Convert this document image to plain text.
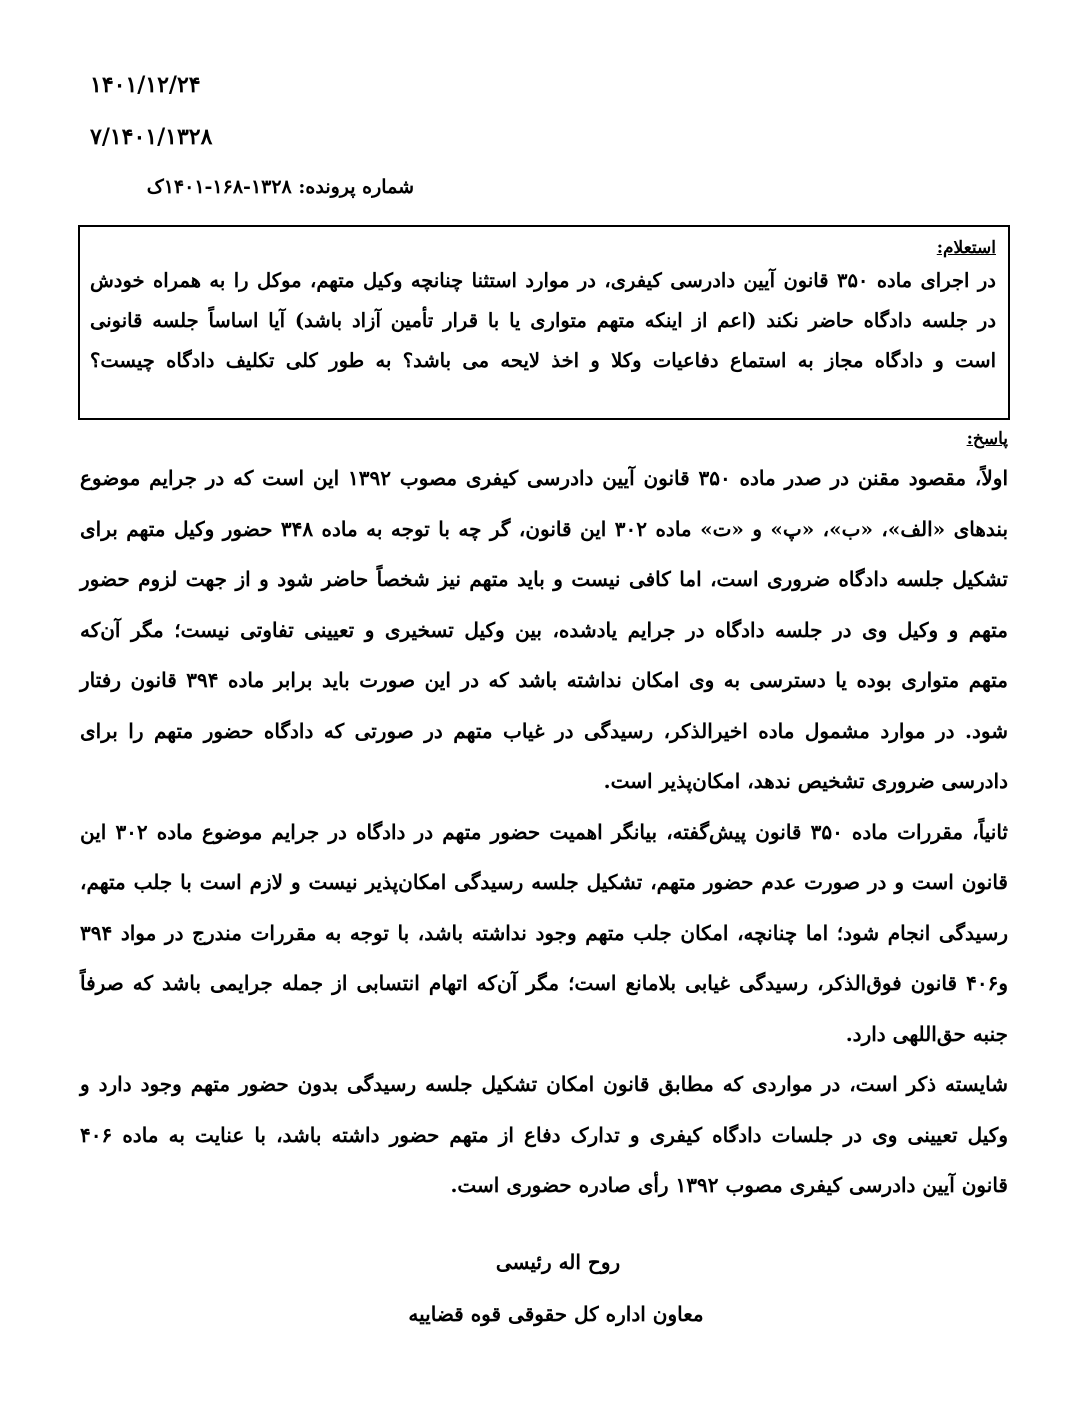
۱۴۰۱/۱۲/۲۴
۷/۱۴۰۱/۱۳۲۸
شماره پرونده: ۱۳۲۸-۱۶۸-۱۴۰۱ک
استعلام:
در اجرای ماده ۳۵۰ قانون آیین دادرسی کیفری، در موارد استثنا چنانچه وکیل متهم، موکل را به همراه خودش
در جلسه دادگاه حاضر نکند (اعم از اینکه متهم متواری یا با قرار تأمین آزاد باشد) آیا اساساً جلسه قانونی
است و دادگاه مجاز به استماع دفاعیات وکلا و اخذ لایحه می باشد؟ به طور کلی تکلیف دادگاه چیست؟
پاسخ:
اولاً، مقصود مقنن در صدر ماده ۳۵۰ قانون آیین دادرسی کیفری مصوب ۱۳۹۲ این است که در جرایم موضوع
بندهای «الف»، «ب»، «پ» و «ت» ماده ۳۰۲ این قانون، گر چه با توجه به ماده ۳۴۸ حضور وکیل متهم برای
تشکیل جلسه دادگاه ضروری است، اما کافی نیست و باید متهم نیز شخصاً حاضر شود و از جهت لزوم حضور
متهم و وکیل وی در جلسه دادگاه در جرایم یادشده، بین وکیل تسخیری و تعیینی تفاوتی نیست؛ مگر آن‌که
متهم متواری بوده یا دسترسی به وی امکان نداشته باشد که در این صورت باید برابر ماده ۳۹۴ قانون رفتار
شود. در موارد مشمول ماده اخیرالذکر، رسیدگی در غیاب متهم در صورتی که دادگاه حضور متهم را برای
دادرسی ضروری تشخیص ندهد، امکان‌پذیر است.
ثانیاً، مقررات ماده ۳۵۰ قانون پیش‌گفته، بیانگر اهمیت حضور متهم در دادگاه در جرایم موضوع ماده ۳۰۲ این
قانون است و در صورت عدم حضور متهم، تشکیل جلسه رسیدگی امکان‌پذیر نیست و لازم است با جلب متهم،
رسیدگی انجام شود؛ اما چنانچه، امکان جلب متهم وجود نداشته باشد، با توجه به مقررات مندرج در مواد ۳۹۴
و۴۰۶ قانون فوق‌الذکر، رسیدگی غیابی بلامانع است؛ مگر آن‌که اتهام انتسابی از جمله جرایمی باشد که صرفاً
جنبه حق‌اللهی دارد.
شایسته ذکر است، در مواردی که مطابق قانون امکان تشکیل جلسه رسیدگی بدون حضور متهم وجود دارد و
وکیل تعیینی وی در جلسات دادگاه کیفری و تدارک دفاع از متهم حضور داشته باشد، با عنایت به ماده ۴۰۶
قانون آیین دادرسی کیفری مصوب ۱۳۹۲ رأی صادره حضوری است.
روح اله رئیسی
معاون اداره کل حقوقی قوه قضاییه
